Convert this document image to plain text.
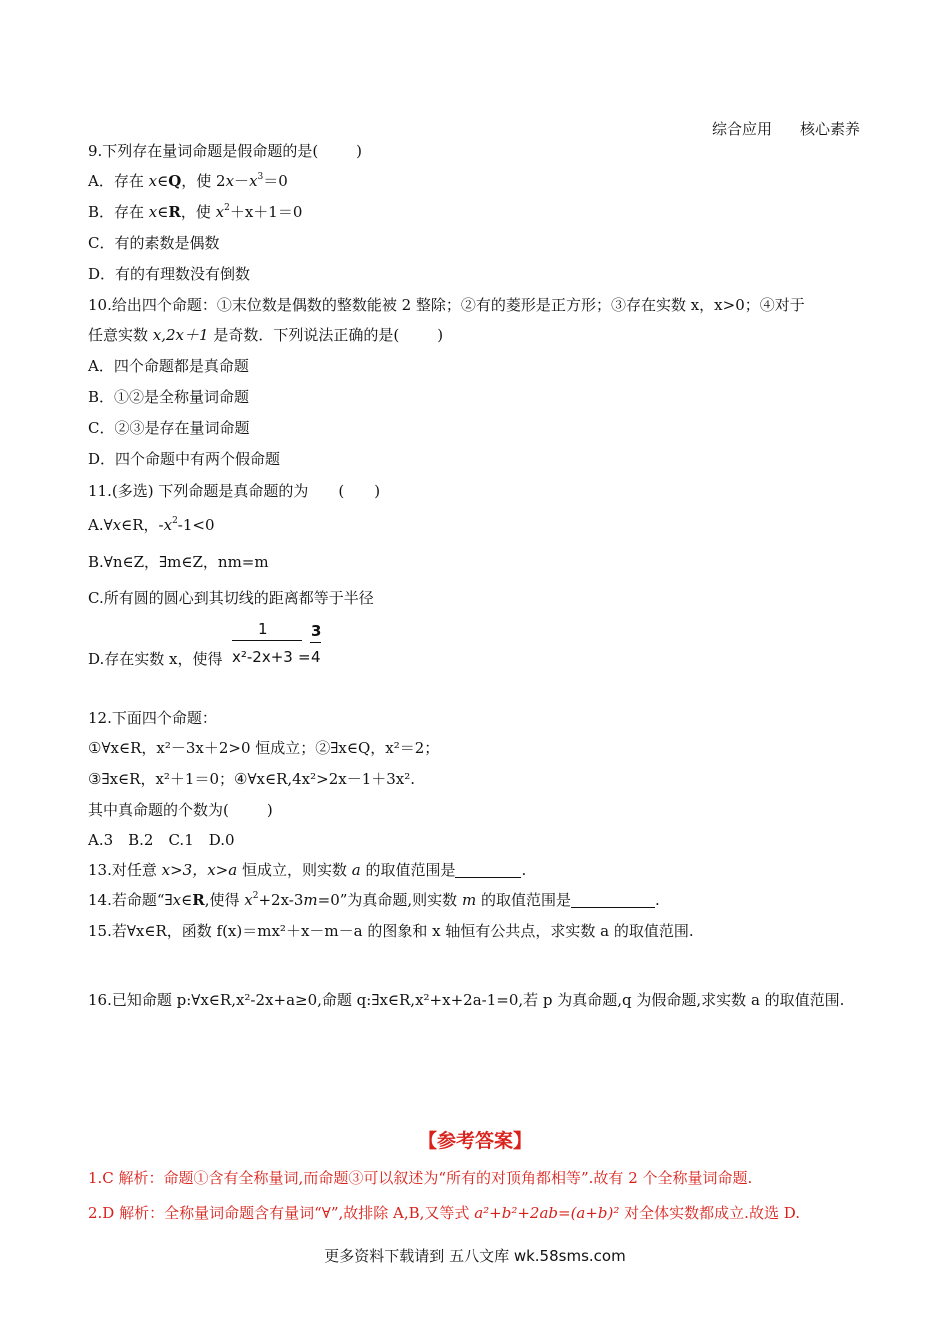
综合应用 核心素养
9.下列存在量词命题是假命题的是(	)
A．存在 x∈Q，使 $2x-x^3=0$
B．存在 x∈R，使 $x^2+x+1=0$
C．有的素数是偶数
D．有的有理数没有倒数
10.给出四个命题：①末位数是偶数的整数能被 2 整除；②有的菱形是正方形；③存在实数 x，x>0；④对于
任意实数 x,2x＋1 是奇数．下列说法正确的是(	)
A．四个命题都是真命题
B．①②是全称量词命题
C．②③是存在量词命题
D．四个命题中有两个假命题
11.(多选) 下列命题是真命题的为 (　　)
A.∀x∈R，$-x^2-1<0$
B.∀n∈Z，∃m∈Z，nm=m
C.所有圆的圆心到其切线的距离都等于半径
D.存在实数 x，使得
1
x²-2x+3 =
3
4
12.下面四个命题：
①∀x∈R，x²－3x＋2>0 恒成立；②∃x∈Q，x²＝2；
③∃x∈R，x²＋1＝0；④∀x∈R,4x²>2x－1＋3x².
其中真命题的个数为(	)
A.3　B.2　C.1　D.0
13.对任意 x>3，x>a 恒成立，则实数 a 的取值范围是	.
14.若命题“∃x∈R,使得 $x^2+2x-3m=0$”为真命题,则实数 m 的取值范围是	.
15.若∀x∈R，函数 f(x)＝mx²＋x－m－a 的图象和 x 轴恒有公共点，求实数 a 的取值范围.
16.已知命题 p:∀x∈R,x²-2x+a≥0,命题 q:∃x∈R,x²+x+2a-1=0,若 p 为真命题,q 为假命题,求实数 a 的取值范围.
【参考答案】
1.C 解析：命题①含有全称量词,而命题③可以叙述为“所有的对顶角都相等”.故有 2 个全称量词命题.
2.D 解析：全称量词命题含有量词“∀”,故排除 A,B,又等式 a²+b²+2ab=(a+b)² 对全体实数都成立.故选 D.
更多资料下载请到 五八文库 wk.58sms.com
